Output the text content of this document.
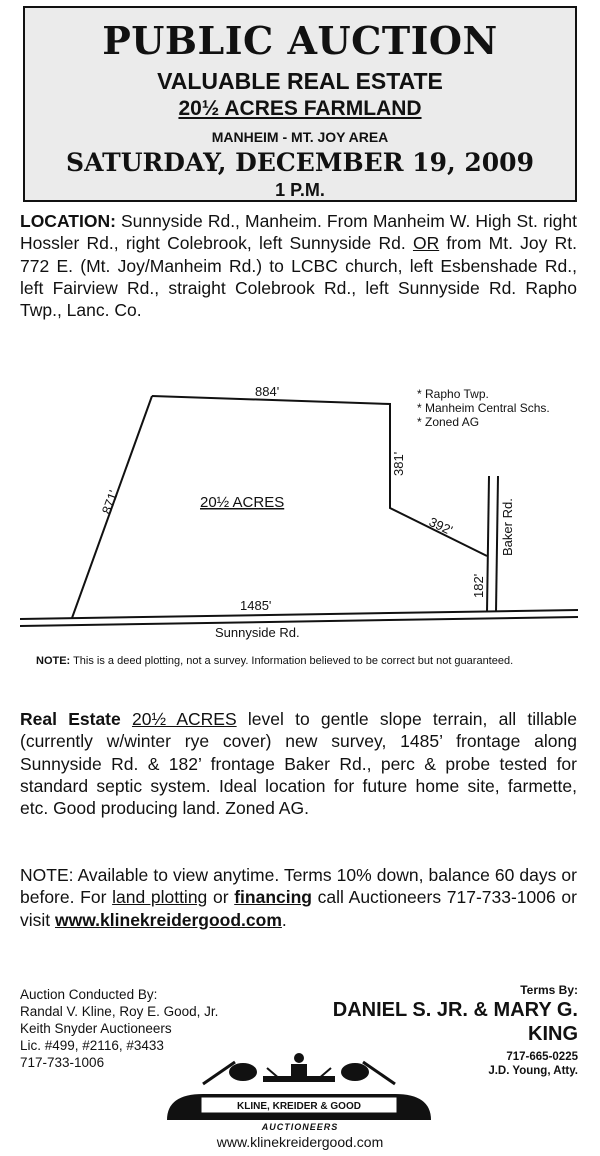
PUBLIC AUCTION
VALUABLE REAL ESTATE
20½ ACRES FARMLAND
MANHEIM - MT. JOY AREA
SATURDAY, DECEMBER 19, 2009
1 P.M.
LOCATION: Sunnyside Rd., Manheim. From Manheim W. High St. right Hossler Rd., right Colebrook, left Sunnyside Rd. OR from Mt. Joy Rt. 772 E. (Mt. Joy/Manheim Rd.) to LCBC church, left Esbenshade Rd., left Fairview Rd., straight Colebrook Rd., left Sunnyside Rd. Rapho Twp., Lanc. Co.
884'
871'
381'
392'
182'
1485'
20½ ACRES
Sunnyside Rd.
Baker Rd.
* Rapho Twp.
* Manheim Central Schs.
* Zoned AG
NOTE: This is a deed plotting, not a survey. Information believed to be correct but not guaranteed.
Real Estate 20½ ACRES level to gentle slope terrain, all tillable (currently w/winter rye cover) new survey, 1485’ frontage along Sunnyside Rd. & 182’ frontage Baker Rd., perc & probe tested for standard septic system. Ideal location for future home site, farmette, etc. Good producing land. Zoned AG.
NOTE: Available to view anytime. Terms 10% down, balance 60 days or before. For land plotting or financing call Auctioneers 717-733-1006 or visit www.klinekreidergood.com.
Auction Conducted By:
Randal V. Kline, Roy E. Good, Jr.
Keith Snyder Auctioneers
Lic. #499, #2116, #3433
717-733-1006
Terms By:
DANIEL S. JR. & MARY G.
KING
717-665-0225
J.D. Young, Atty.
KLINE, KREIDER & GOOD
AUCTIONEERS
www.klinekreidergood.com
